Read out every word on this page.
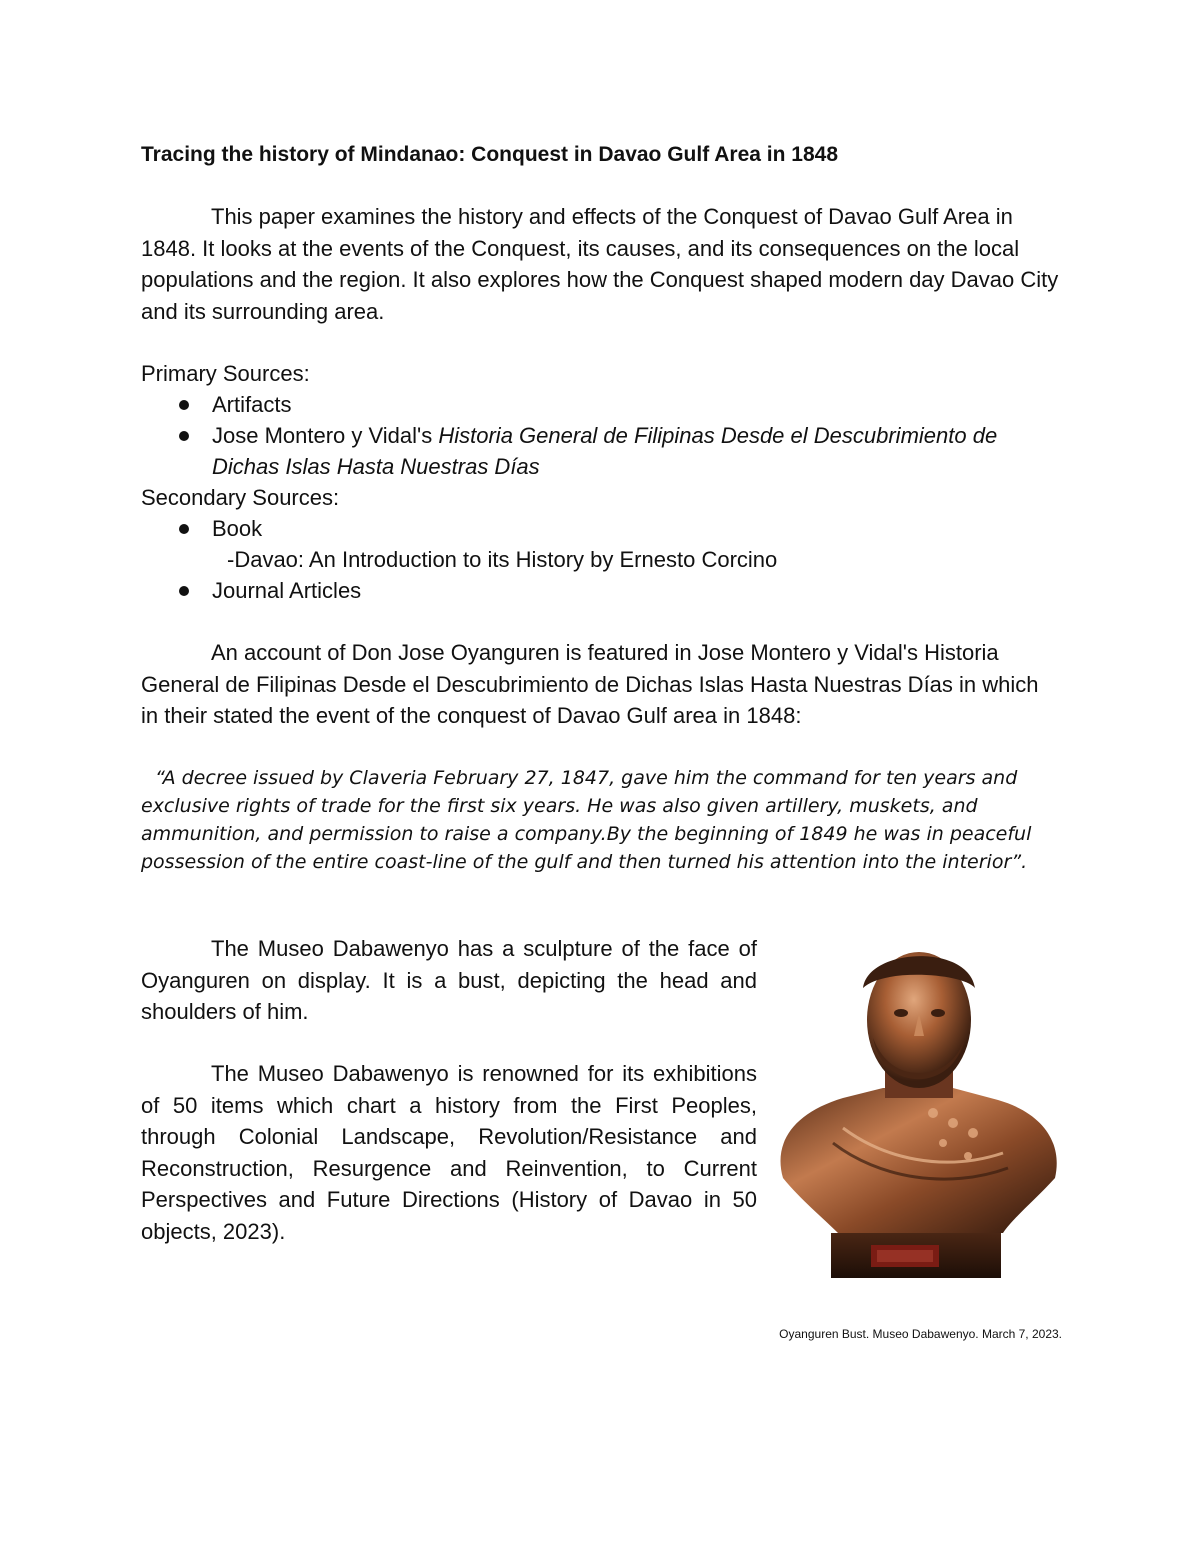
Tracing the history of Mindanao: Conquest in Davao Gulf Area in 1848

This paper examines the history and effects of the Conquest of Davao Gulf Area in 1848. It looks at the events of the Conquest, its causes, and its consequences on the local populations and the region. It also explores how the Conquest shaped modern day Davao City and its surrounding area.

Primary Sources:
Artifacts
Jose Montero y Vidal's Historia General de Filipinas Desde el Descubrimiento de Dichas Islas Hasta Nuestras Días
Secondary Sources:
Book
-Davao: An Introduction to its History by Ernesto Corcino
Journal Articles

An account of Don Jose Oyanguren is featured in Jose Montero y Vidal's Historia General de Filipinas Desde el Descubrimiento de Dichas Islas Hasta Nuestras Días in which in their stated the event of the conquest of Davao Gulf area in 1848:

“A decree issued by Claveria February 27, 1847, gave him the command for ten years and exclusive rights of trade for the first six years. He was also given artillery, muskets, and ammunition, and permission to raise a company.By the beginning of 1849 he was in peaceful possession of the entire coast-line of the gulf and then turned his attention into the interior”.

The Museo Dabawenyo has a sculpture of the face of Oyanguren on display. It is a bust, depicting the head and shoulders of him.

The Museo Dabawenyo is renowned for its exhibitions of 50 items which chart a history from the First Peoples, through Colonial Landscape, Revolution/Resistance and Reconstruction, Resurgence and Reinvention, to Current Perspectives and Future Directions (History of Davao in 50 objects, 2023).

Oyanguren Bust. Museo Dabawenyo. March 7, 2023.
